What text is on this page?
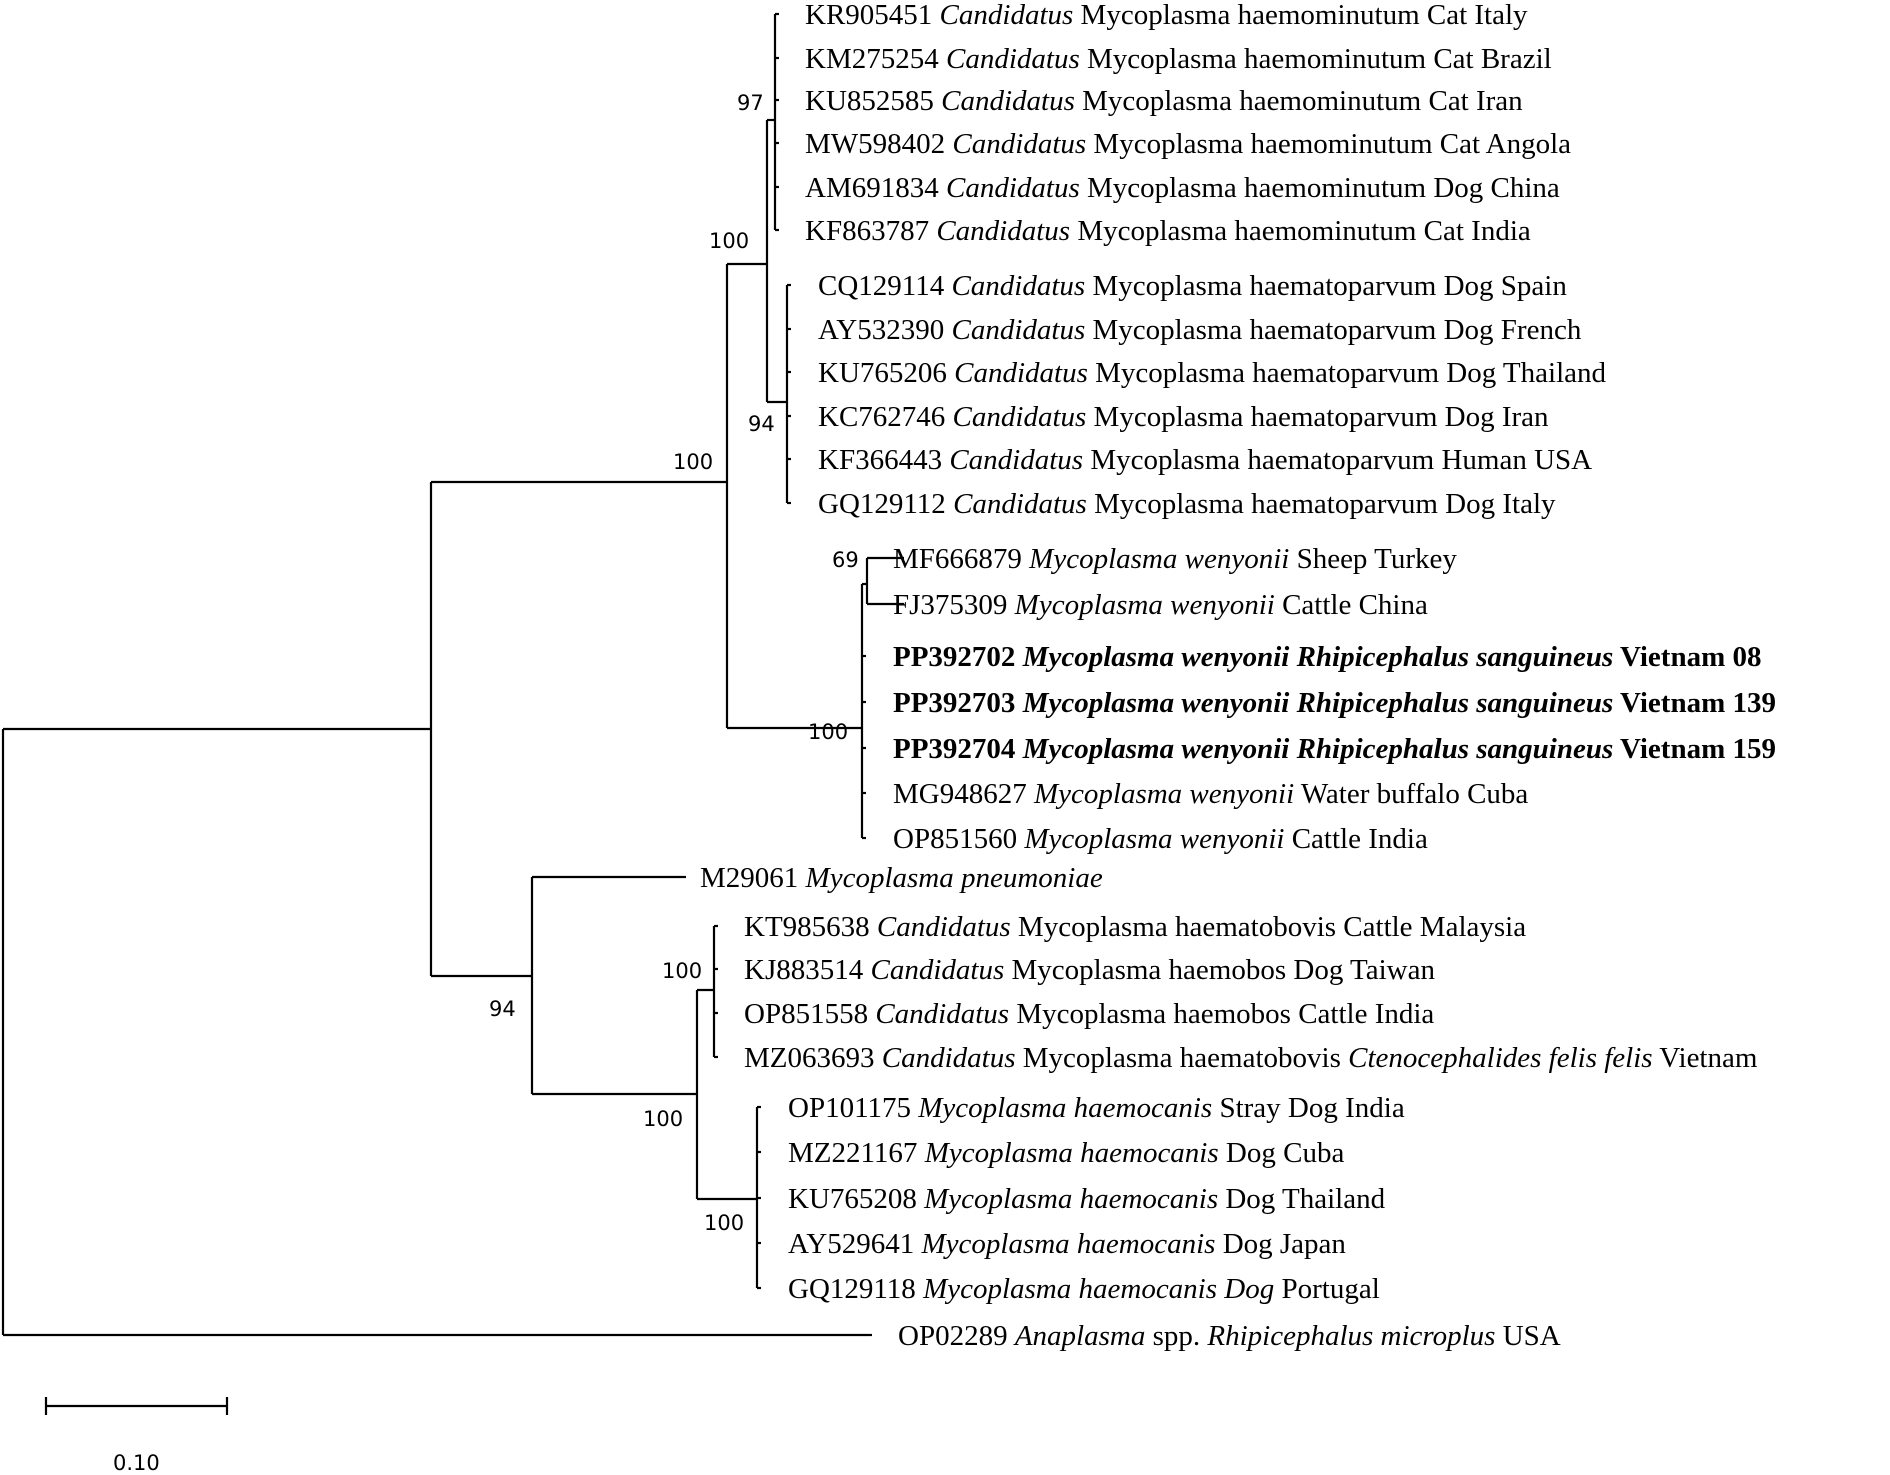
97
100
94
100
69
100
94
100
100
100
KR905451 Candidatus Mycoplasma haemominutum Cat Italy
KM275254 Candidatus Mycoplasma haemominutum Cat Brazil
KU852585 Candidatus Mycoplasma haemominutum Cat Iran
MW598402 Candidatus Mycoplasma haemominutum Cat Angola
AM691834 Candidatus Mycoplasma haemominutum Dog China
KF863787 Candidatus Mycoplasma haemominutum Cat India
CQ129114 Candidatus Mycoplasma haematoparvum Dog Spain
AY532390 Candidatus Mycoplasma haematoparvum Dog French
KU765206 Candidatus Mycoplasma haematoparvum Dog Thailand
KC762746 Candidatus Mycoplasma haematoparvum Dog Iran
KF366443 Candidatus Mycoplasma haematoparvum Human USA
GQ129112 Candidatus Mycoplasma haematoparvum Dog Italy
MF666879 Mycoplasma wenyonii Sheep Turkey
FJ375309 Mycoplasma wenyonii Cattle China
PP392702 Mycoplasma wenyonii Rhipicephalus sanguineus Vietnam 08
PP392703 Mycoplasma wenyonii Rhipicephalus sanguineus Vietnam 139
PP392704 Mycoplasma wenyonii Rhipicephalus sanguineus Vietnam 159
MG948627 Mycoplasma wenyonii Water buffalo Cuba
OP851560 Mycoplasma wenyonii Cattle India
M29061 Mycoplasma pneumoniae
KT985638 Candidatus Mycoplasma haematobovis Cattle Malaysia
KJ883514 Candidatus Mycoplasma haemobos Dog Taiwan
OP851558 Candidatus Mycoplasma haemobos Cattle India
MZ063693 Candidatus Mycoplasma haematobovis Ctenocephalides felis felis Vietnam
OP101175 Mycoplasma haemocanis Stray Dog India
MZ221167 Mycoplasma haemocanis Dog Cuba
KU765208 Mycoplasma haemocanis Dog Thailand
AY529641 Mycoplasma haemocanis Dog Japan
GQ129118 Mycoplasma haemocanis Dog Portugal
OP02289 Anaplasma spp. Rhipicephalus microplus USA
0.10
